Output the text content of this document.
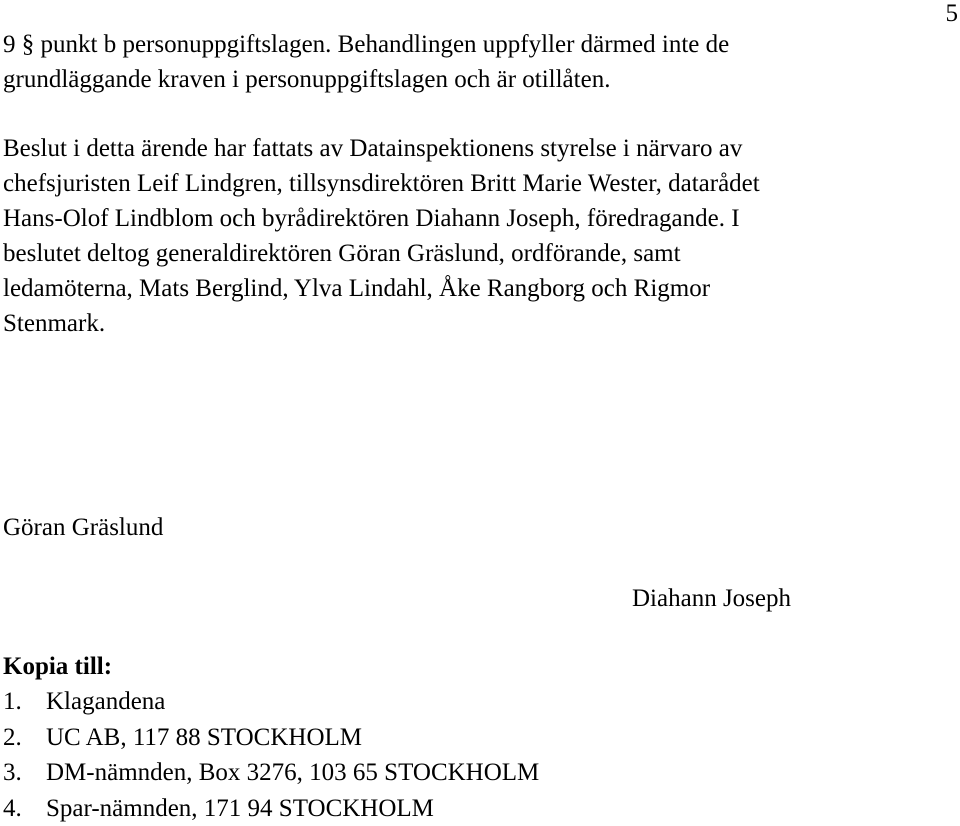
5

9 § punkt b personuppgiftslagen. Behandlingen uppfyller därmed inte de
grundläggande kraven i personuppgiftslagen och är otillåten.

Beslut i detta ärende har fattats av Datainspektionens styrelse i närvaro av
chefsjuristen Leif Lindgren, tillsynsdirektören Britt Marie Wester, datarådet
Hans-Olof Lindblom och byrådirektören Diahann Joseph, föredragande. I
beslutet deltog generaldirektören Göran Gräslund, ordförande, samt
ledamöterna, Mats Berglind, Ylva Lindahl, Åke Rangborg och Rigmor
Stenmark.

Göran Gräslund
Diahann Joseph
Kopia till:
1. Klagandena
2. UC AB, 117 88 STOCKHOLM
3. DM-nämnden, Box 3276, 103 65 STOCKHOLM
4. Spar-nämnden, 171 94 STOCKHOLM
